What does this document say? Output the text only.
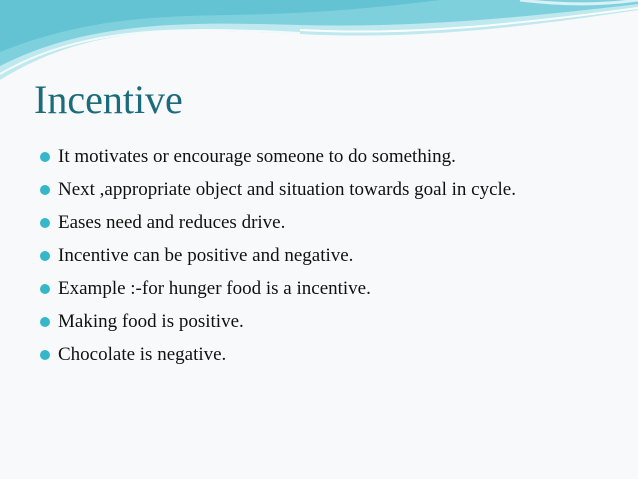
Incentive
It motivates or encourage someone to do something.
Next ,appropriate object and situation towards goal in cycle.
Eases need and reduces drive.
Incentive can be positive and negative.
Example :-for hunger food is a incentive.
Making food is positive.
Chocolate is negative.
